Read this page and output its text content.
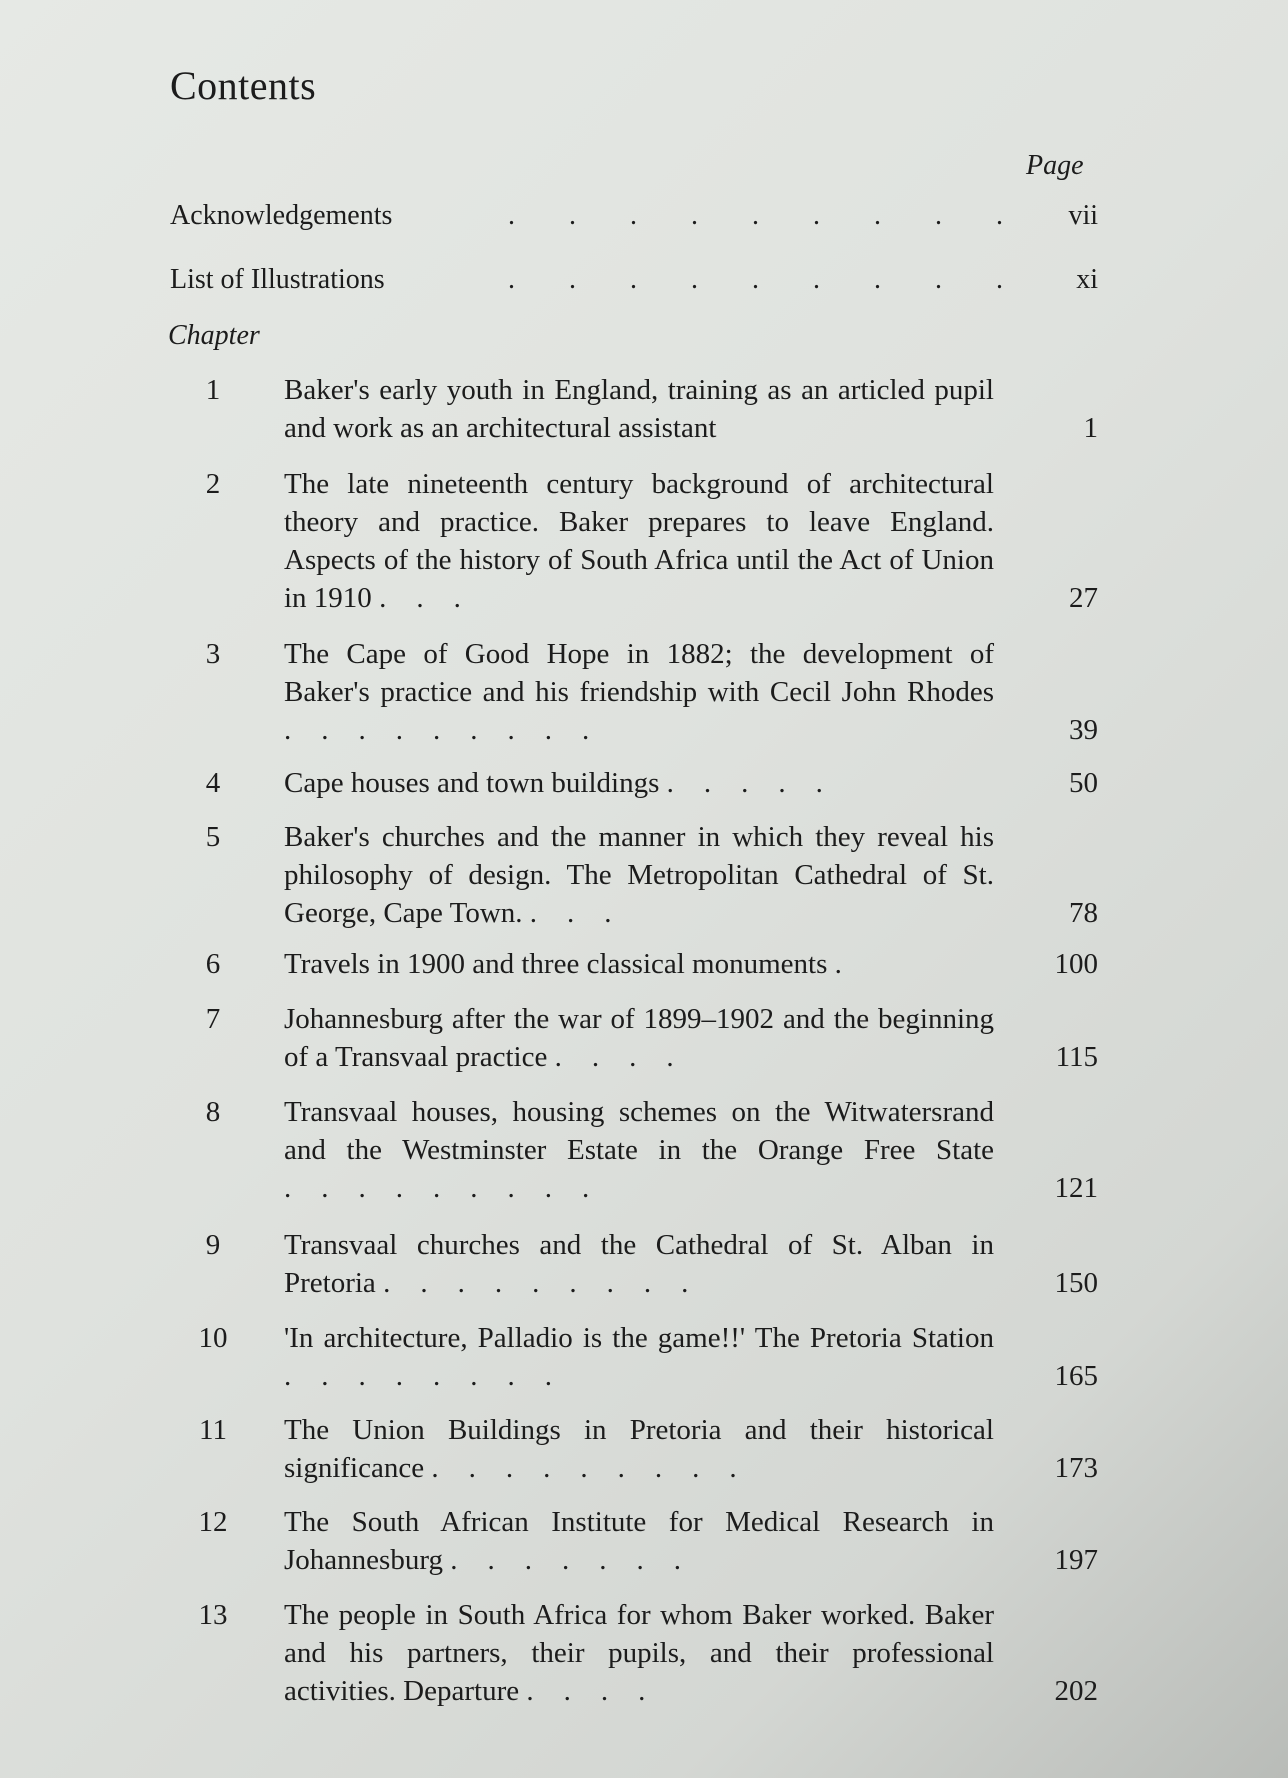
Contents
Page
Acknowledgements	......... vii
List of Illustrations	......... xi
Chapter
1	Baker's early youth in England, training as an articled pupil and work as an architectural assistant	1
2	The late nineteenth century background of architectural theory and practice. Baker prepares to leave England. Aspects of the history of South Africa until the Act of Union in 1910 ...	27
3	The Cape of Good Hope in 1882; the development of Baker's practice and his friendship with Cecil John Rhodes .........	39
4	Cape houses and town buildings .....	50
5	Baker's churches and the manner in which they reveal his philosophy of design. The Metropolitan Cathedral of St. George, Cape Town. ...	78
6	Travels in 1900 and three classical monuments .	100
7	Johannesburg after the war of 1899–1902 and the beginning of a Transvaal practice ....	115
8	Transvaal houses, housing schemes on the Witwatersrand and the Westminster Estate in the Orange Free State .........	121
9	Transvaal churches and the Cathedral of St. Alban in Pretoria .........	150
10 'In architecture, Palladio is the game!!' The Pretoria Station ........	165
11	The Union Buildings in Pretoria and their historical significance .........	173
12 The South African Institute for Medical Research in Johannesburg .......	197
13 The people in South Africa for whom Baker worked. Baker and his partners, their pupils, and their professional activities. Departure ....	202
